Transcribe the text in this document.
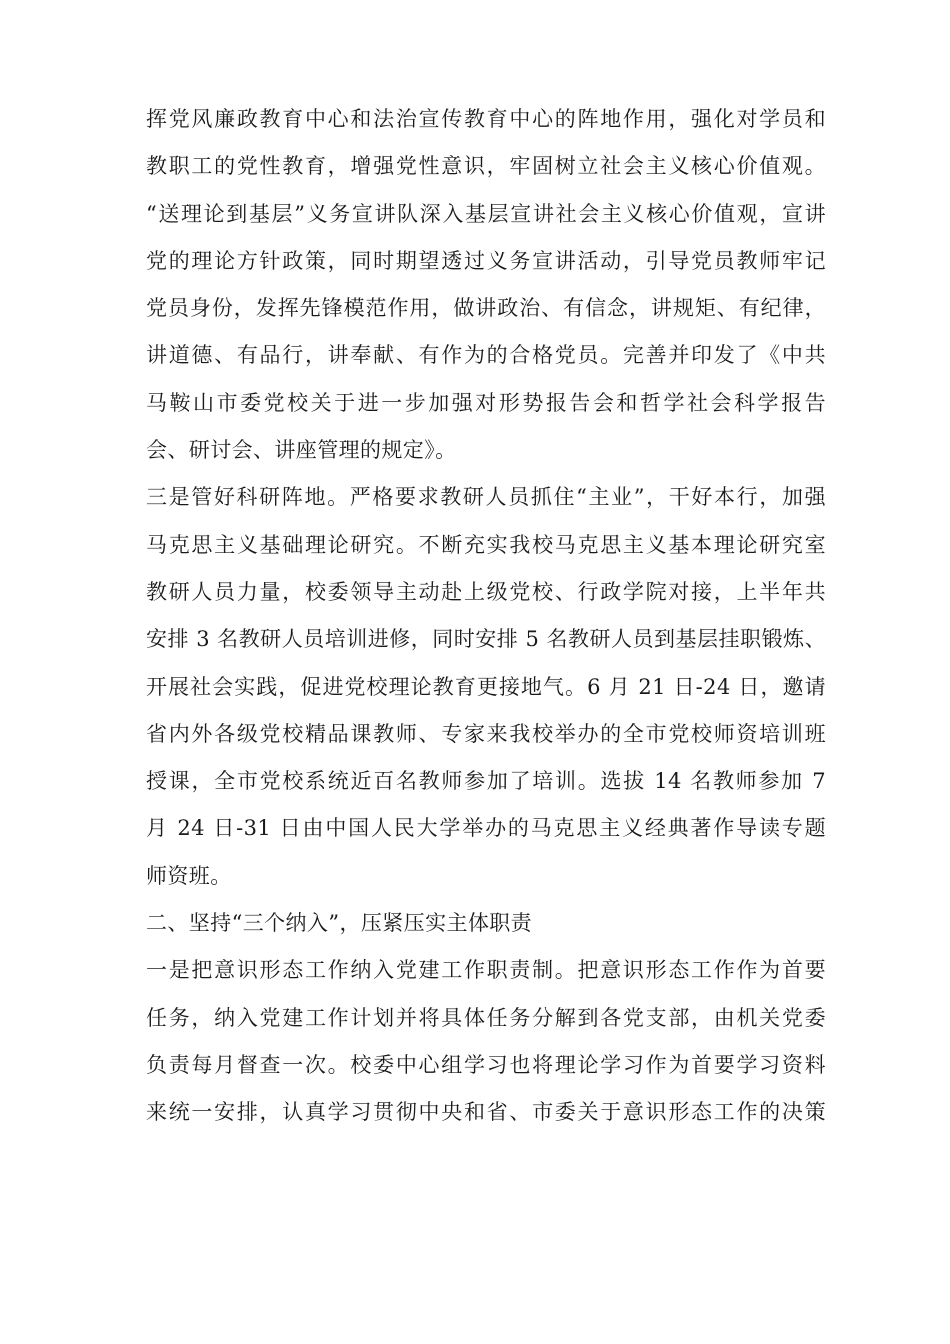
挥党风廉政教育中心和法治宣传教育中心的阵地作用，强化对学员和
教职工的党性教育，增强党性意识，牢固树立社会主义核心价值观。
“送理论到基层”义务宣讲队深入基层宣讲社会主义核心价值观，宣讲
党的理论方针政策，同时期望透过义务宣讲活动，引导党员教师牢记
党员身份，发挥先锋模范作用，做讲政治、有信念，讲规矩、有纪律，
讲道德、有品行，讲奉献、有作为的合格党员。完善并印发了《中共
马鞍山市委党校关于进一步加强对形势报告会和哲学社会科学报告
会、研讨会、讲座管理的规定》。
三是管好科研阵地。严格要求教研人员抓住“主业”，干好本行，加强
马克思主义基础理论研究。不断充实我校马克思主义基本理论研究室
教研人员力量，校委领导主动赴上级党校、行政学院对接，上半年共
安排 3 名教研人员培训进修，同时安排 5 名教研人员到基层挂职锻炼、
开展社会实践，促进党校理论教育更接地气。6 月 21 日-24 日，邀请
省内外各级党校精品课教师、专家来我校举办的全市党校师资培训班
授课，全市党校系统近百名教师参加了培训。选拔 14 名教师参加 7
月 24 日-31 日由中国人民大学举办的马克思主义经典著作导读专题
师资班。
二、坚持“三个纳入”，压紧压实主体职责
一是把意识形态工作纳入党建工作职责制。把意识形态工作作为首要
任务，纳入党建工作计划并将具体任务分解到各党支部，由机关党委
负责每月督查一次。校委中心组学习也将理论学习作为首要学习资料
来统一安排，认真学习贯彻中央和省、市委关于意识形态工作的决策
